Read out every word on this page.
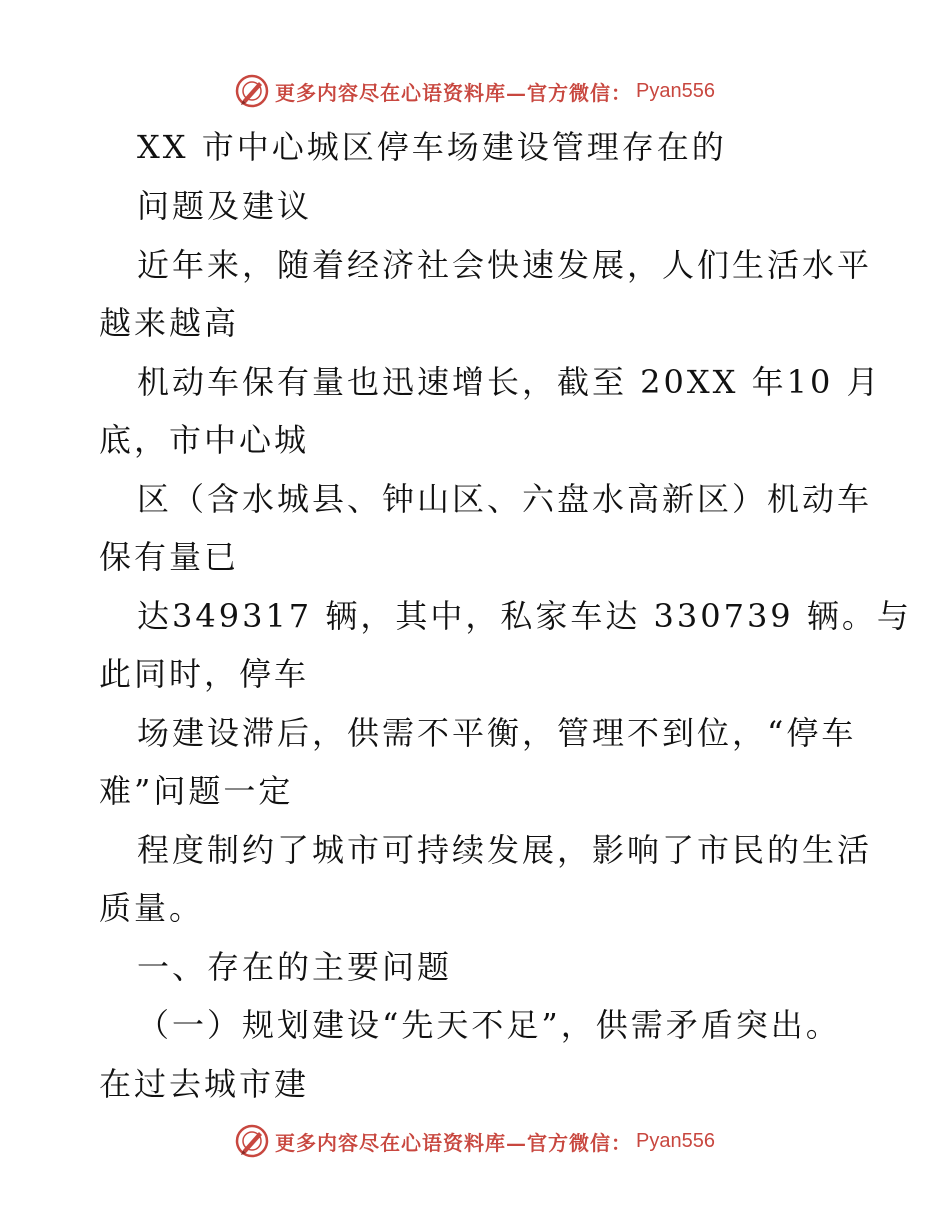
更多内容尽在心语资料库—官方微信： Pyan556
XX 市中心城区停车场建设管理存在的
问题及建议
近年来，随着经济社会快速发展，人们生活水平
越来越高
机动车保有量也迅速增长，截至 20XX 年10 月
底，市中心城
区（含水城县、钟山区、六盘水高新区）机动车
保有量已
达349317 辆，其中，私家车达 330739 辆。与
此同时，停车
场建设滞后，供需不平衡，管理不到位，“停车
难”问题一定
程度制约了城市可持续发展，影响了市民的生活
质量。
一、存在的主要问题
（一）规划建设“先天不足”，供需矛盾突出。
在过去城市建
更多内容尽在心语资料库—官方微信： Pyan556
